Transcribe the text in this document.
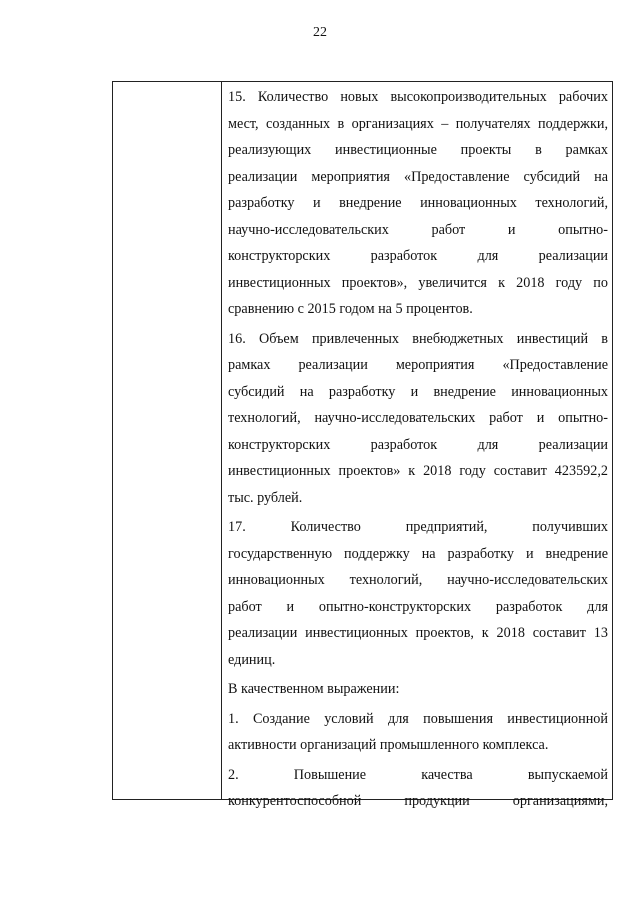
22
15. Количество новых высокопроизводительных рабочих
мест, созданных в организациях – получателях поддержки,
реализующих инвестиционные проекты в рамках
реализации мероприятия «Предоставление субсидий на
разработку и внедрение инновационных технологий,
научно-исследовательских работ и опытно-
конструкторских разработок для реализации
инвестиционных проектов», увеличится к 2018 году по
сравнению с 2015 годом на 5 процентов.
16. Объем привлеченных внебюджетных инвестиций в
рамках реализации мероприятия «Предоставление
субсидий на разработку и внедрение инновационных
технологий, научно-исследовательских работ и опытно-
конструкторских разработок для реализации
инвестиционных проектов» к 2018 году составит 423592,2
тыс. рублей.
17. Количество предприятий, получивших
государственную поддержку на разработку и внедрение
инновационных технологий, научно-исследовательских
работ и опытно-конструкторских разработок для
реализации инвестиционных проектов, к 2018 составит 13
единиц.
В качественном выражении:
1. Создание условий для повышения инвестиционной
активности организаций промышленного комплекса.
2. Повышение качества выпускаемой
конкурентоспособной продукции организациями,
